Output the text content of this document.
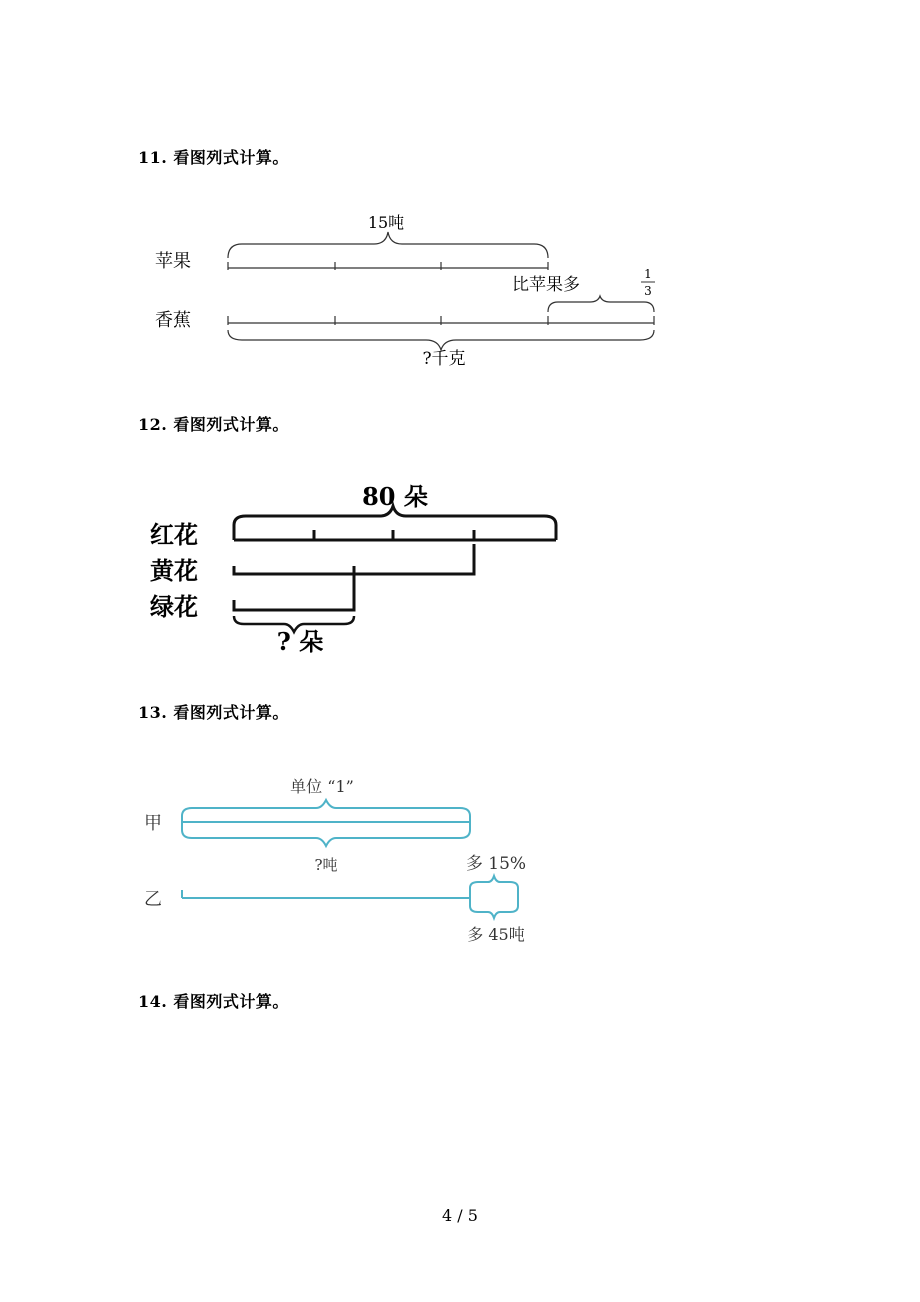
11. 看图列式计算。
15吨
苹果
香蕉
比苹果多
1
3
?千克
12. 看图列式计算。
80 朵
红花
黄花
绿花
? 朵
13. 看图列式计算。
单位 “1”
甲
乙
?吨	多 15%
多 45吨
14. 看图列式计算。
4 / 5
